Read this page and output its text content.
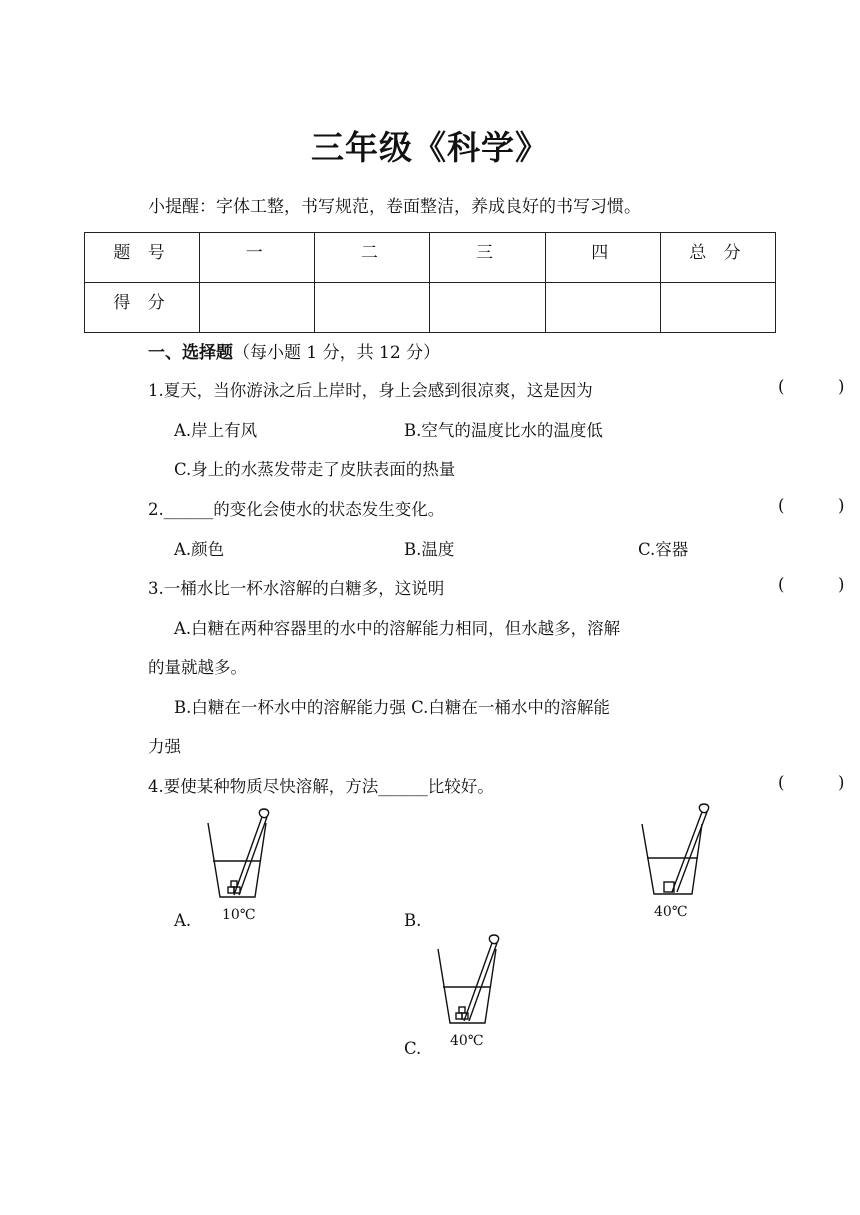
三年级《科学》
小提醒：字体工整，书写规范，卷面整洁，养成良好的书写习惯。
题 号	一	二	三	四	总 分
得 分					
一、选择题（每小题 1 分，共 12 分）
1.夏天，当你游泳之后上岸时，身上会感到很凉爽，这是因为	(	)
A.岸上有风	B.空气的温度比水的温度低
C.身上的水蒸发带走了皮肤表面的热量
2.______的变化会使水的状态发生变化。	(	)
A.颜色	B.温度	C.容器
3.一桶水比一杯水溶解的白糖多，这说明	(	)
A.白糖在两种容器里的水中的溶解能力相同，但水越多，溶解
的量就越多。
B.白糖在一杯水中的溶解能力强 C.白糖在一桶水中的溶解能
力强
4.要使某种物质尽快溶解，方法______比较好。	(	)
10℃
A.	B.	40℃
40℃
C.
